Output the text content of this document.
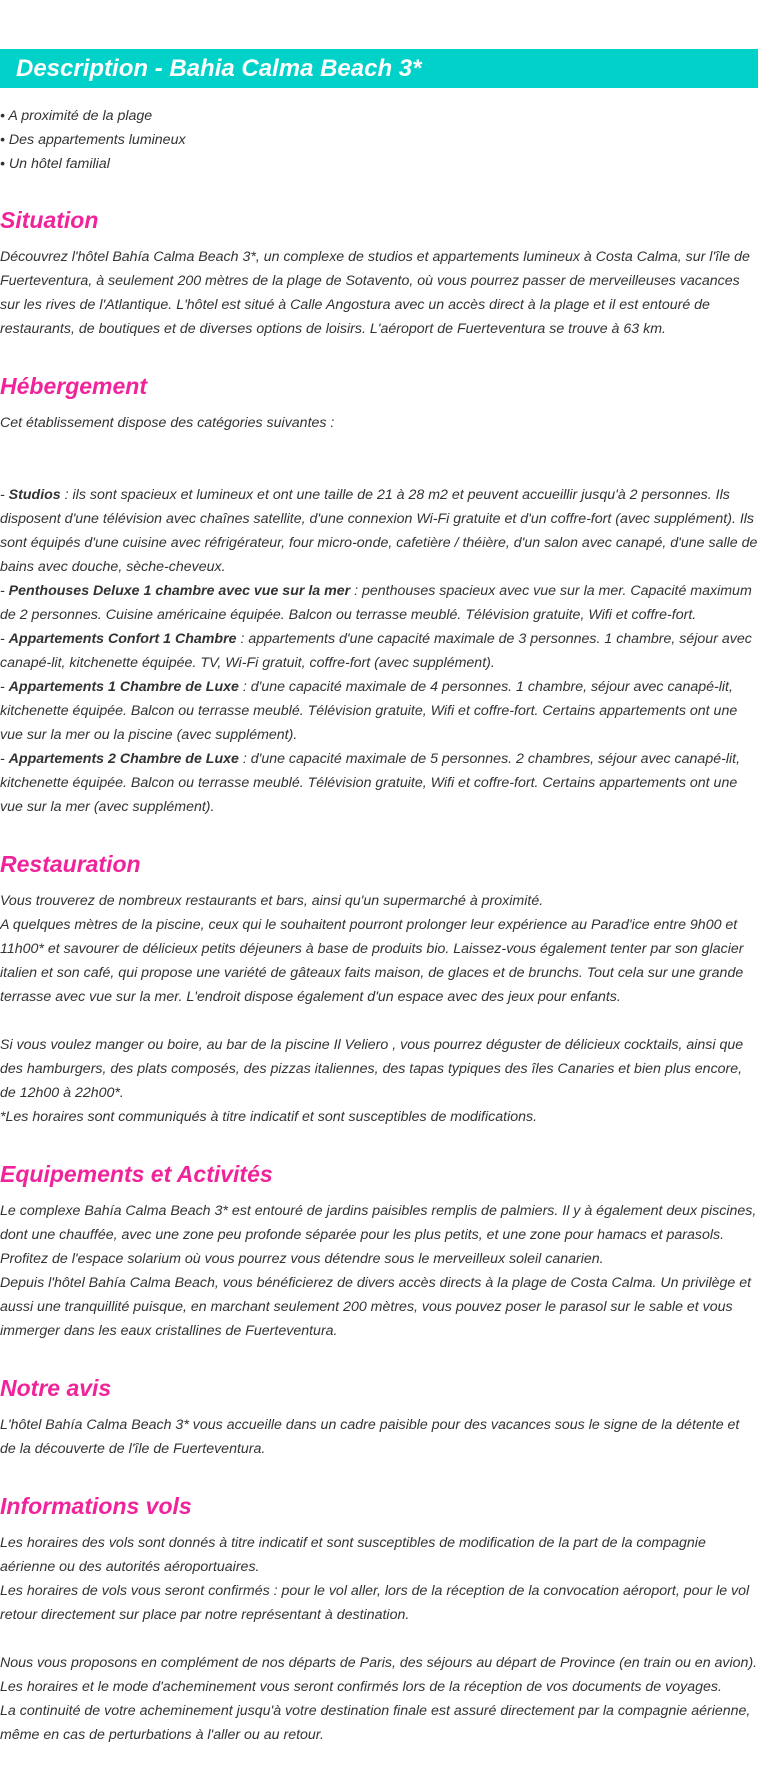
Description - Bahia Calma Beach 3*
• A proximité de la plage
• Des appartements lumineux
• Un hôtel familial
Situation

Découvrez l'hôtel Bahía Calma Beach 3*, un complexe de studios et appartements lumineux à Costa Calma, sur l'île de Fuerteventura, à seulement 200 mètres de la plage de Sotavento, où vous pourrez passer de merveilleuses vacances sur les rives de l'Atlantique. L'hôtel est situé à Calle Angostura avec un accès direct à la plage et il est entouré de restaurants, de boutiques et de diverses options de loisirs. L'aéroport de Fuerteventura se trouve à 63 km.

Hébergement

Cet établissement dispose des catégories suivantes :

- Studios : ils sont spacieux et lumineux et ont une taille de 21 à 28 m2 et peuvent accueillir jusqu'à 2 personnes. Ils disposent d'une télévision avec chaînes satellite, d'une connexion Wi-Fi gratuite et d'un coffre-fort (avec supplément). Ils sont équipés d'une cuisine avec réfrigérateur, four micro-onde, cafetière / théière, d'un salon avec canapé, d'une salle de bains avec douche, sèche-cheveux.

- Penthouses Deluxe 1 chambre avec vue sur la mer : penthouses spacieux avec vue sur la mer. Capacité maximum de 2 personnes. Cuisine américaine équipée. Balcon ou terrasse meublé. Télévision gratuite, Wifi et coffre-fort.

- Appartements Confort 1 Chambre : appartements d'une capacité maximale de 3 personnes. 1 chambre, séjour avec canapé-lit, kitchenette équipée. TV, Wi-Fi gratuit, coffre-fort (avec supplément).

- Appartements 1 Chambre de Luxe : d'une capacité maximale de 4 personnes. 1 chambre, séjour avec canapé-lit, kitchenette équipée. Balcon ou terrasse meublé. Télévision gratuite, Wifi et coffre-fort. Certains appartements ont une vue sur la mer ou la piscine (avec supplément).

- Appartements 2 Chambre de Luxe : d'une capacité maximale de 5 personnes. 2 chambres, séjour avec canapé-lit, kitchenette équipée. Balcon ou terrasse meublé. Télévision gratuite, Wifi et coffre-fort. Certains appartements ont une vue sur la mer (avec supplément).

Restauration

Vous trouverez de nombreux restaurants et bars, ainsi qu'un supermarché à proximité.

A quelques mètres de la piscine, ceux qui le souhaitent pourront prolonger leur expérience au Parad'ice entre 9h00 et 11h00* et savourer de délicieux petits déjeuners à base de produits bio. Laissez-vous également tenter par son glacier italien et son café, qui propose une variété de gâteaux faits maison, de glaces et de brunchs. Tout cela sur une grande terrasse avec vue sur la mer. L'endroit dispose également d'un espace avec des jeux pour enfants.

Si vous voulez manger ou boire, au bar de la piscine Il Veliero , vous pourrez déguster de délicieux cocktails, ainsi que des hamburgers, des plats composés, des pizzas italiennes, des tapas typiques des îles Canaries et bien plus encore, de 12h00 à 22h00*.

*Les horaires sont communiqués à titre indicatif et sont susceptibles de modifications.

Equipements et Activités

Le complexe Bahía Calma Beach 3* est entouré de jardins paisibles remplis de palmiers. Il y à également deux piscines, dont une chauffée, avec une zone peu profonde séparée pour les plus petits, et une zone pour hamacs et parasols. Profitez de l'espace solarium où vous pourrez vous détendre sous le merveilleux soleil canarien.

Depuis l'hôtel Bahía Calma Beach, vous bénéficierez de divers accès directs à la plage de Costa Calma. Un privilège et aussi une tranquillité puisque, en marchant seulement 200 mètres, vous pouvez poser le parasol sur le sable et vous immerger dans les eaux cristallines de Fuerteventura.

Notre avis

L'hôtel Bahía Calma Beach 3* vous accueille dans un cadre paisible pour des vacances sous le signe de la détente et de la découverte de l'île de Fuerteventura.

Informations vols

Les horaires des vols sont donnés à titre indicatif et sont susceptibles de modification de la part de la compagnie aérienne ou des autorités aéroportuaires.

Les horaires de vols vous seront confirmés : pour le vol aller, lors de la réception de la convocation aéroport, pour le vol retour directement sur place par notre représentant à destination.

Nous vous proposons en complément de nos départs de Paris, des séjours au départ de Province (en train ou en avion).

Les horaires et le mode d'acheminement vous seront confirmés lors de la réception de vos documents de voyages.

La continuité de votre acheminement jusqu'à votre destination finale est assuré directement par la compagnie aérienne, même en cas de perturbations à l'aller ou au retour.
